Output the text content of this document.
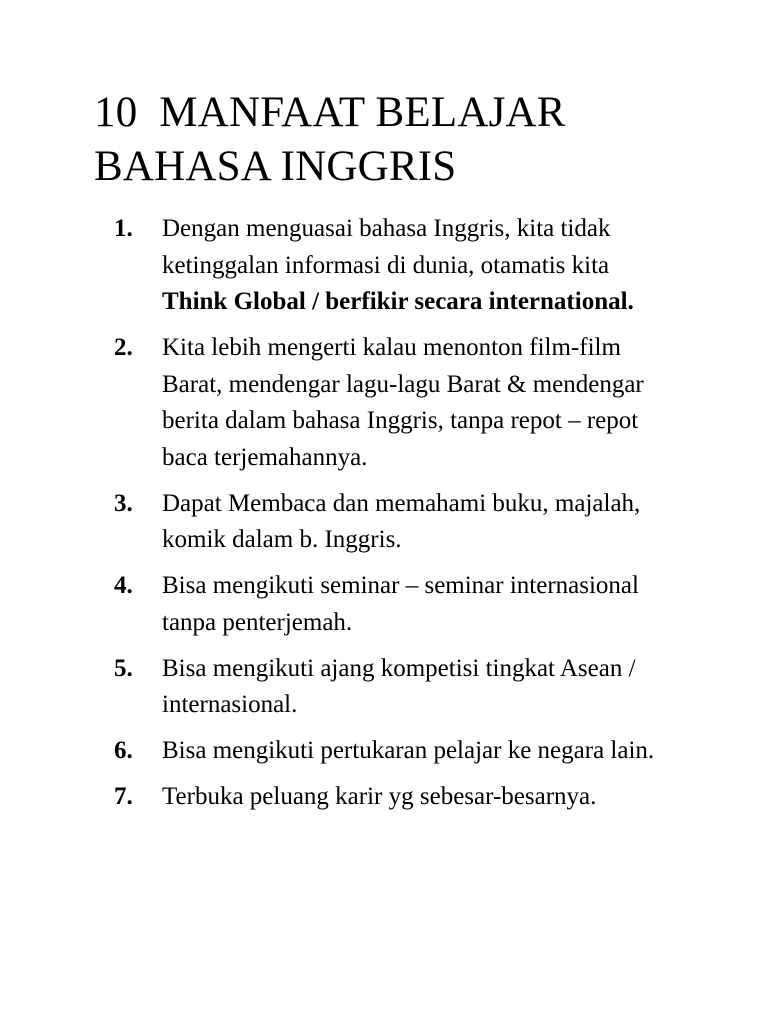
10  MANFAAT BELAJAR
BAHASA INGGRIS
1. Dengan menguasai bahasa Inggris, kita tidak ketinggalan informasi di dunia, otamatis kita Think Global / berfikir secara international.
2. Kita lebih mengerti kalau menonton film-film Barat, mendengar lagu-lagu Barat & mendengar berita dalam bahasa Inggris, tanpa repot – repot baca terjemahannya.
3. Dapat Membaca dan memahami buku, majalah, komik dalam b. Inggris.
4. Bisa mengikuti seminar – seminar internasional tanpa penterjemah.
5. Bisa mengikuti ajang kompetisi tingkat Asean / internasional.
6. Bisa mengikuti pertukaran pelajar ke negara lain.
7. Terbuka peluang karir yg sebesar-besarnya.
